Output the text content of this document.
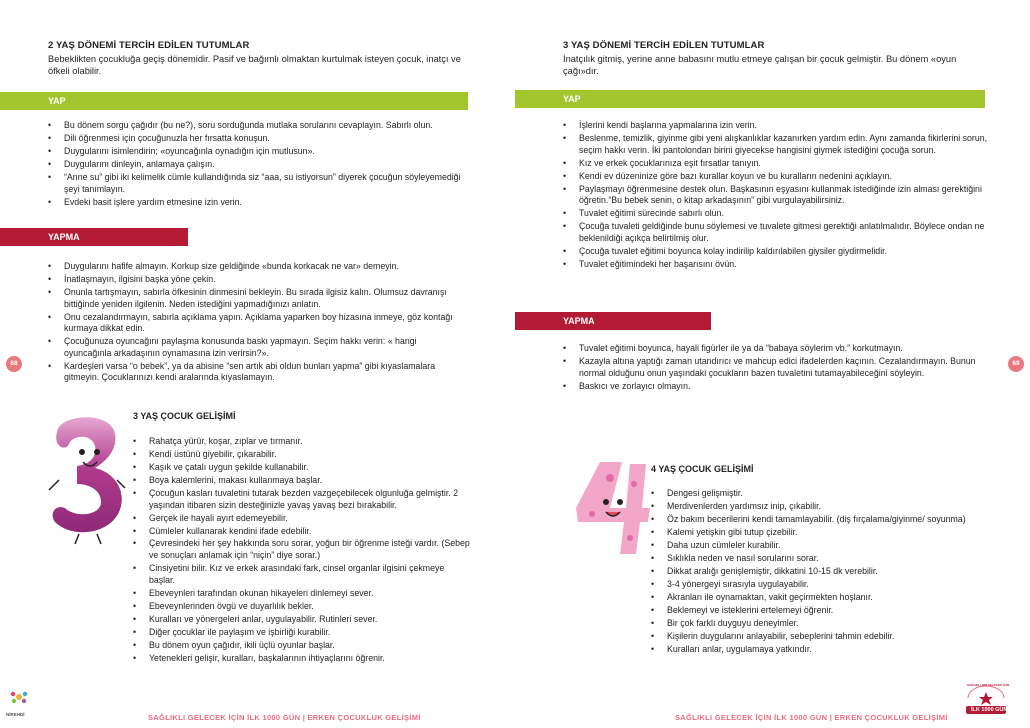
2 YAŞ DÖNEMİ TERCİH EDİLEN TUTUMLAR
Bebeklikten çocukluğa geçiş dönemidir. Pasif ve bağımlı olmaktan kurtulmak isteyen çocuk, inatçı ve öfkeli olabilir.
YAP
• Bu dönem sorgu çağıdır (bu ne?), soru sorduğunda mutlaka sorularını cevaplayın. Sabırlı olun.
• Dili öğrenmesi için çocuğunuzla her fırsatta konuşun.
• Duygularını isimlendirin; «oyuncağınla oynadığın için mutlusun».
• Duygularını dinleyin, anlamaya çalışın.
• “Anne su” gibi iki kelimelik cümle kullandığında siz “aaa, su istiyorsun” diyerek çocuğun söyleyemediği şeyi tanımlayın.
• Evdeki basit işlere yardım etmesine izin verin.
YAPMA
• Duygularını hafife almayın. Korkup size geldiğinde «bunda korkacak ne var» demeyin.
• İnatlaşmayın, ilgisini başka yöne çekin.
• Onunla tartışmayın, sabırla öfkesinin dinmesini bekleyin. Bu sırada ilgisiz kalın. Olumsuz davranışı bittiğinde yeniden ilgilenin. Neden istediğini yapmadığınızı anlatın.
• Onu cezalandırmayın, sabırla açıklama yapın. Açıklama yaparken boy hizasına inmeye, göz kontağı kurmaya dikkat edin.
• Çocuğunuza oyuncağını paylaşma konusunda baskı yapmayın. Seçim hakkı verin: « hangi oyuncağınla arkadaşının oynamasına izin verirsin?».
• Kardeşleri varsa “o bebek”, ya da abisine “sen artık abi oldun bunları yapma” gibi kıyaslamalara gitmeyin. Çocuklarınızı kendi aralarında kıyaslamayın.
68
3 YAŞ ÇOCUK GELİŞİMİ
• Rahatça yürür, koşar, zıplar ve tırmanır.
• Kendi üstünü giyebilir, çıkarabilir.
• Kaşık ve çatalı uygun şekilde kullanabilir.
• Boya kalemlerini, makası kullanmaya başlar.
• Çocuğun kasları tuvaletini tutarak bezden vazgeçebilecek olgunluğa gelmiştir. 2 yaşından itibaren sizin desteğinizle yavaş yavaş bezi bırakabilir.
• Gerçek ile hayali ayırt edemeyebilir.
• Cümleler kullanarak kendini ifade edebilir.
• Çevresindeki her şey hakkında soru sorar, yoğun bir öğrenme isteği vardır. (Sebep ve sonuçları anlamak için “niçin” diye sorar.)
• Cinsiyetini bilir. Kız ve erkek arasındaki fark, cinsel organlar ilgisini çekmeye başlar.
• Ebeveynleri tarafından okunan hikayeleri dinlemeyi sever.
• Ebeveynlerinden övgü ve duyarlılık bekler.
• Kuralları ve yönergeleri anlar, uygulayabilir. Rutinleri sever.
• Diğer çocuklar ile paylaşım ve işbirliği kurabilir.
• Bu dönem oyun çağıdır, ikili üçlü oyunlar başlar.
• Yetenekleri gelişir, kuralları, başkalarının ihtiyaçlarını öğrenir.
NİREHDİ	SAĞLIKLI GELECEK İÇİN İLK 1000 GÜN | ERKEN ÇOCUKLUK GELİŞİMİ
3 YAŞ DÖNEMİ TERCİH EDİLEN TUTUMLAR
İnatçılık gitmiş, yerine anne babasını mutlu etmeye çalışan bir çocuk gelmiştir. Bu dönem «oyun çağı»dır.
YAP
• İşlerini kendi başlarına yapmalarına izin verin.
• Beslenme, temizlik, giyinme gibi yeni alışkanlıklar kazanırken yardım edin. Aynı zamanda fikirlerini sorun, seçim hakkı verin. İki pantolondan birini giyecekse hangisini giymek istediğini çocuğa sorun.
• Kız ve erkek çocuklarınıza eşit fırsatlar tanıyın.
• Kendi ev düzeninize göre bazı kurallar koyun ve bu kuralların nedenini açıklayın.
• Paylaşmayı öğrenmesine destek olun. Başkasının eşyasını kullanmak istediğinde izin alması gerektiğini öğretin.“Bu bebek senin, o kitap arkadaşının” gibi vurgulayabilirsiniz.
• Tuvalet eğitimi sürecinde sabırlı olun.
• Çocuğa tuvaleti geldiğinde bunu söylemesi ve tuvalete gitmesi gerektiği anlatılmalıdır. Böylece ondan ne beklenildiği açıkça belirtilmiş olur.
• Çocuğa tuvalet eğitimi boyunca kolay indirilip kaldırılabilen giysiler giydirmelidir.
• Tuvalet eğitimindeki her başarısını övün.
YAPMA
• Tuvalet eğitimi boyunca, hayali figürler ile ya da “babaya söylerim vb.” korkutmayın.
• Kazayla altına yaptığı zaman utandırıcı ve mahcup edici ifadelerden kaçının. Cezalandırmayın. Bunun normal olduğunu onun yaşındaki çocukların bazen tuvaletini tutamayabileceğini söyleyin.
• Baskıcı ve zorlayıcı olmayın.
69
4 YAŞ ÇOCUK GELİŞİMİ
• Dengesi gelişmiştir.
• Merdivenlerden yardımsız inip, çıkabilir.
• Öz bakım becerilerini kendi tamamlayabilir. (diş fırçalama/giyinme/ soyunma)
• Kalemi yetişkin gibi tutup çizebilir.
• Daha uzun cümleler kurabilir.
• Sıklıkla neden ve nasıl sorularını sorar.
• Dikkat aralığı genişlemiştir, dikkatini 10-15 dk verebilir.
• 3-4 yönergeyi sırasıyla uygulayabilir.
• Akranları ile oynamaktan, vakit geçirmekten hoşlanır.
• Beklemeyi ve isteklerini ertelemeyi öğrenir.
• Bir çok farklı duyguyu deneyimler.
• Kişilerin duygularını anlayabilir, sebeplerini tahmin edebilir.
• Kuralları anlar, uygulamaya yatkındır.
SAĞLIKLI GELECEK İÇİN İLK 1000 GÜN | ERKEN ÇOCUKLUK GELİŞİMİ
SAĞLIKLI BİR GELECEK İÇİN
İLK 1000 GÜN
